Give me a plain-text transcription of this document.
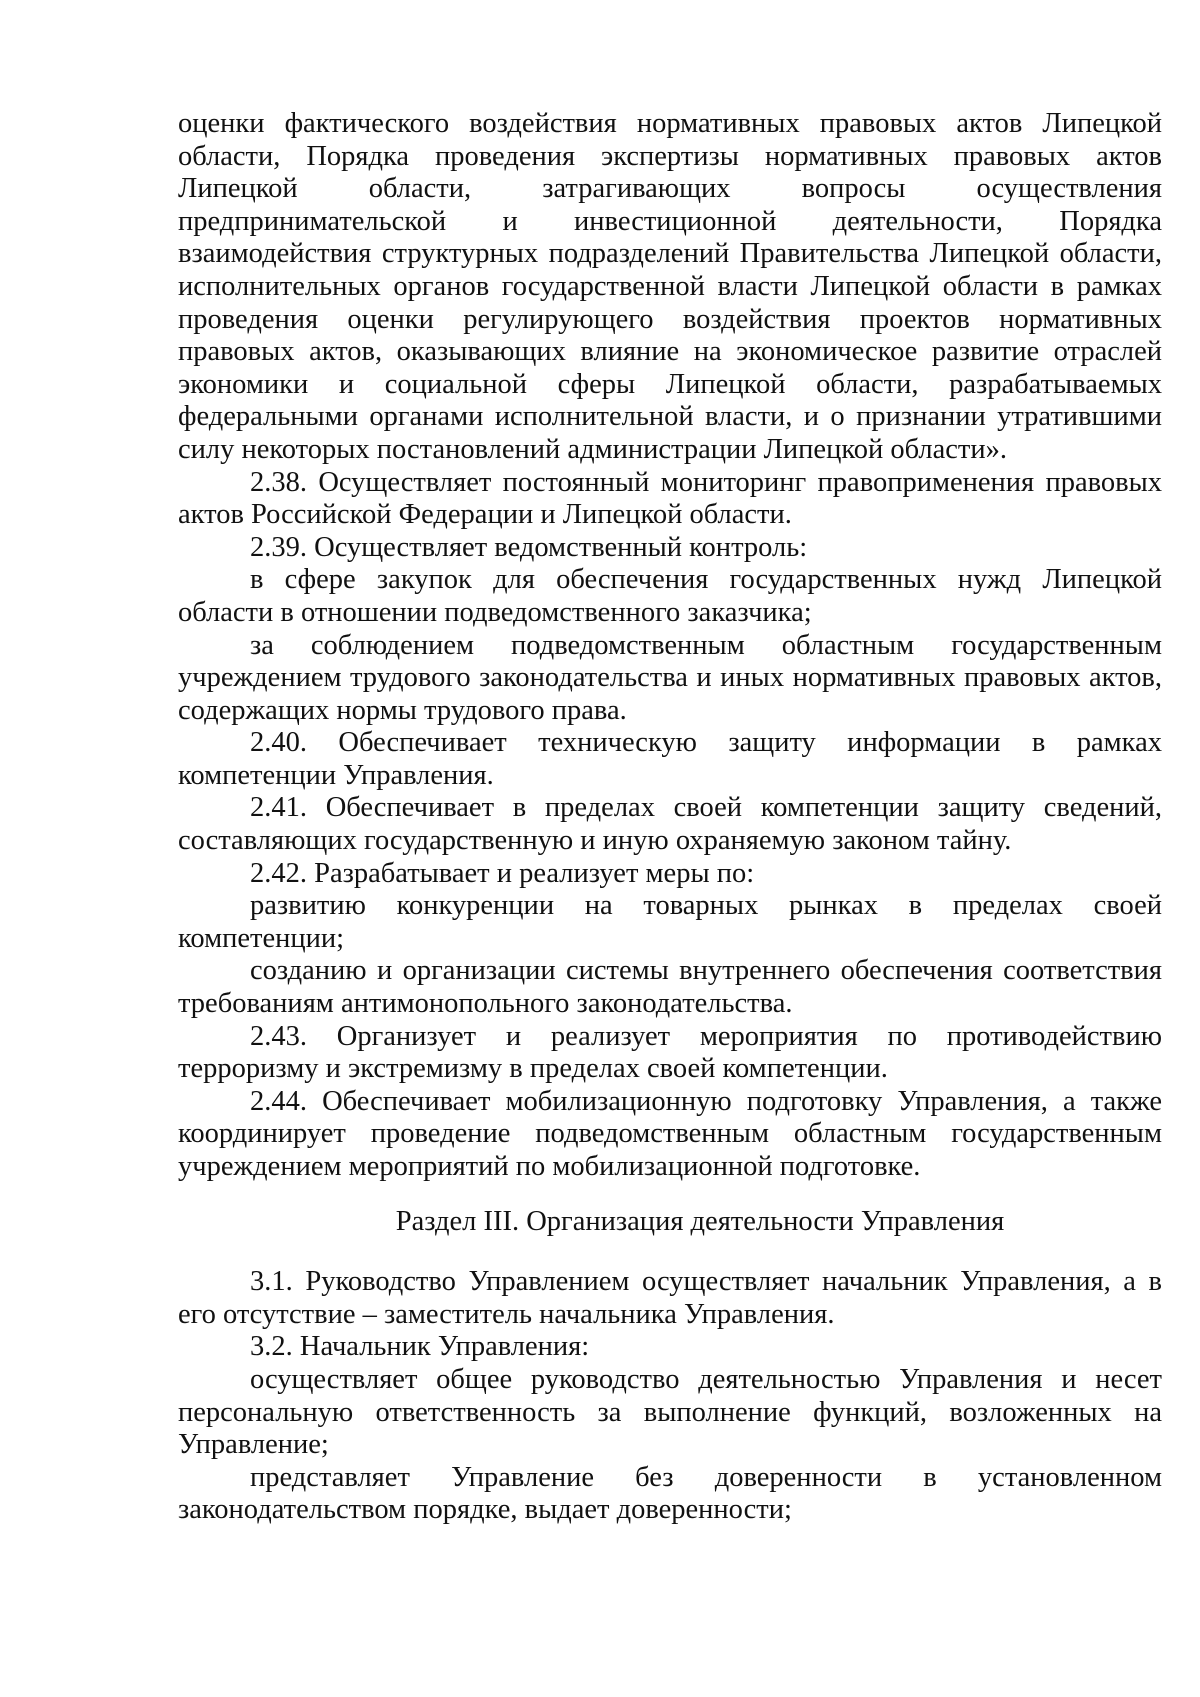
оценки фактического воздействия нормативных правовых актов Липецкой области, Порядка проведения экспертизы нормативных правовых актов Липецкой области, затрагивающих вопросы осуществления предпринимательской и инвестиционной деятельности, Порядка взаимодействия структурных подразделений Правительства Липецкой области, исполнительных органов государственной власти Липецкой области в рамках проведения оценки регулирующего воздействия проектов нормативных правовых актов, оказывающих влияние на экономическое развитие отраслей экономики и социальной сферы Липецкой области, разрабатываемых федеральными органами исполнительной власти, и о признании утратившими силу некоторых постановлений администрации Липецкой области».

2.38. Осуществляет постоянный мониторинг правоприменения правовых актов Российской Федерации и Липецкой области.

2.39. Осуществляет ведомственный контроль:

в сфере закупок для обеспечения государственных нужд Липецкой области в отношении подведомственного заказчика;

за соблюдением подведомственным областным государственным учреждением трудового законодательства и иных нормативных правовых актов, содержащих нормы трудового права.

2.40. Обеспечивает техническую защиту информации в рамках компетенции Управления.

2.41. Обеспечивает в пределах своей компетенции защиту сведений, составляющих государственную и иную охраняемую законом тайну.

2.42. Разрабатывает и реализует меры по:

развитию конкуренции на товарных рынках в пределах своей компетенции;

созданию и организации системы внутреннего обеспечения соответствия требованиям антимонопольного законодательства.

2.43. Организует и реализует мероприятия по противодействию терроризму и экстремизму в пределах своей компетенции.

2.44. Обеспечивает мобилизационную подготовку Управления, а также координирует проведение подведомственным областным государственным учреждением мероприятий по мобилизационной подготовке.

Раздел III. Организация деятельности Управления

3.1. Руководство Управлением осуществляет начальник Управления, а в его отсутствие – заместитель начальника Управления.

3.2. Начальник Управления:

осуществляет общее руководство деятельностью Управления и несет персональную ответственность за выполнение функций, возложенных на Управление;

представляет Управление без доверенности в установленном законодательством порядке, выдает доверенности;
